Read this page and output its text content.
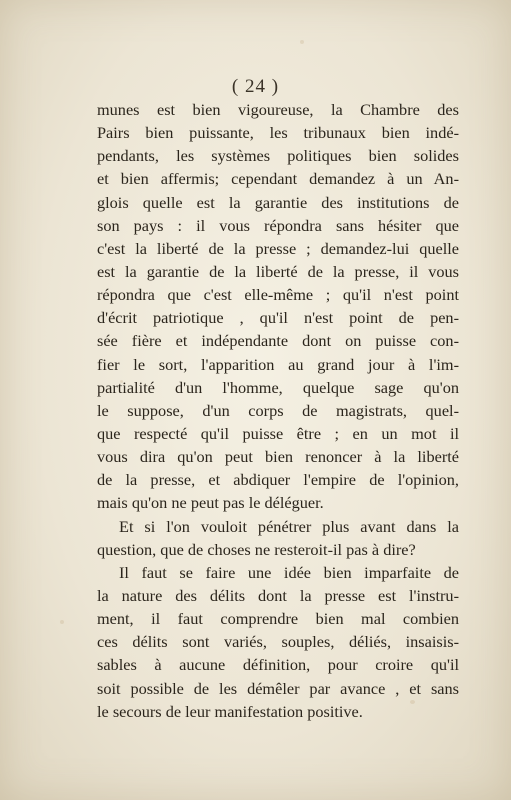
( 24 )
munes est bien vigoureuse, la Chambre des
Pairs bien puissante, les tribunaux bien indé-
pendants, les systèmes politiques bien solides
et bien affermis; cependant demandez à un An-
glois quelle est la garantie des institutions de
son pays : il vous répondra sans hésiter que
c'est la liberté de la presse ; demandez-lui quelle
est la garantie de la liberté de la presse, il vous
répondra que c'est elle-même ; qu'il n'est point
d'écrit patriotique , qu'il n'est point de pen-
sée fière et indépendante dont on puisse con-
fier le sort, l'apparition au grand jour à l'im-
partialité d'un l'homme, quelque sage qu'on
le suppose, d'un corps de magistrats, quel-
que respecté qu'il puisse être ; en un mot il
vous dira qu'on peut bien renoncer à la liberté
de la presse, et abdiquer l'empire de l'opinion,
mais qu'on ne peut pas le déléguer.
Et si l'on vouloit pénétrer plus avant dans la
question, que de choses ne resteroit-il pas à dire?
Il faut se faire une idée bien imparfaite de
la nature des délits dont la presse est l'instru-
ment, il faut comprendre bien mal combien
ces délits sont variés, souples, déliés, insaisis-
sables à aucune définition, pour croire qu'il
soit possible de les démêler par avance , et sans
le secours de leur manifestation positive.
